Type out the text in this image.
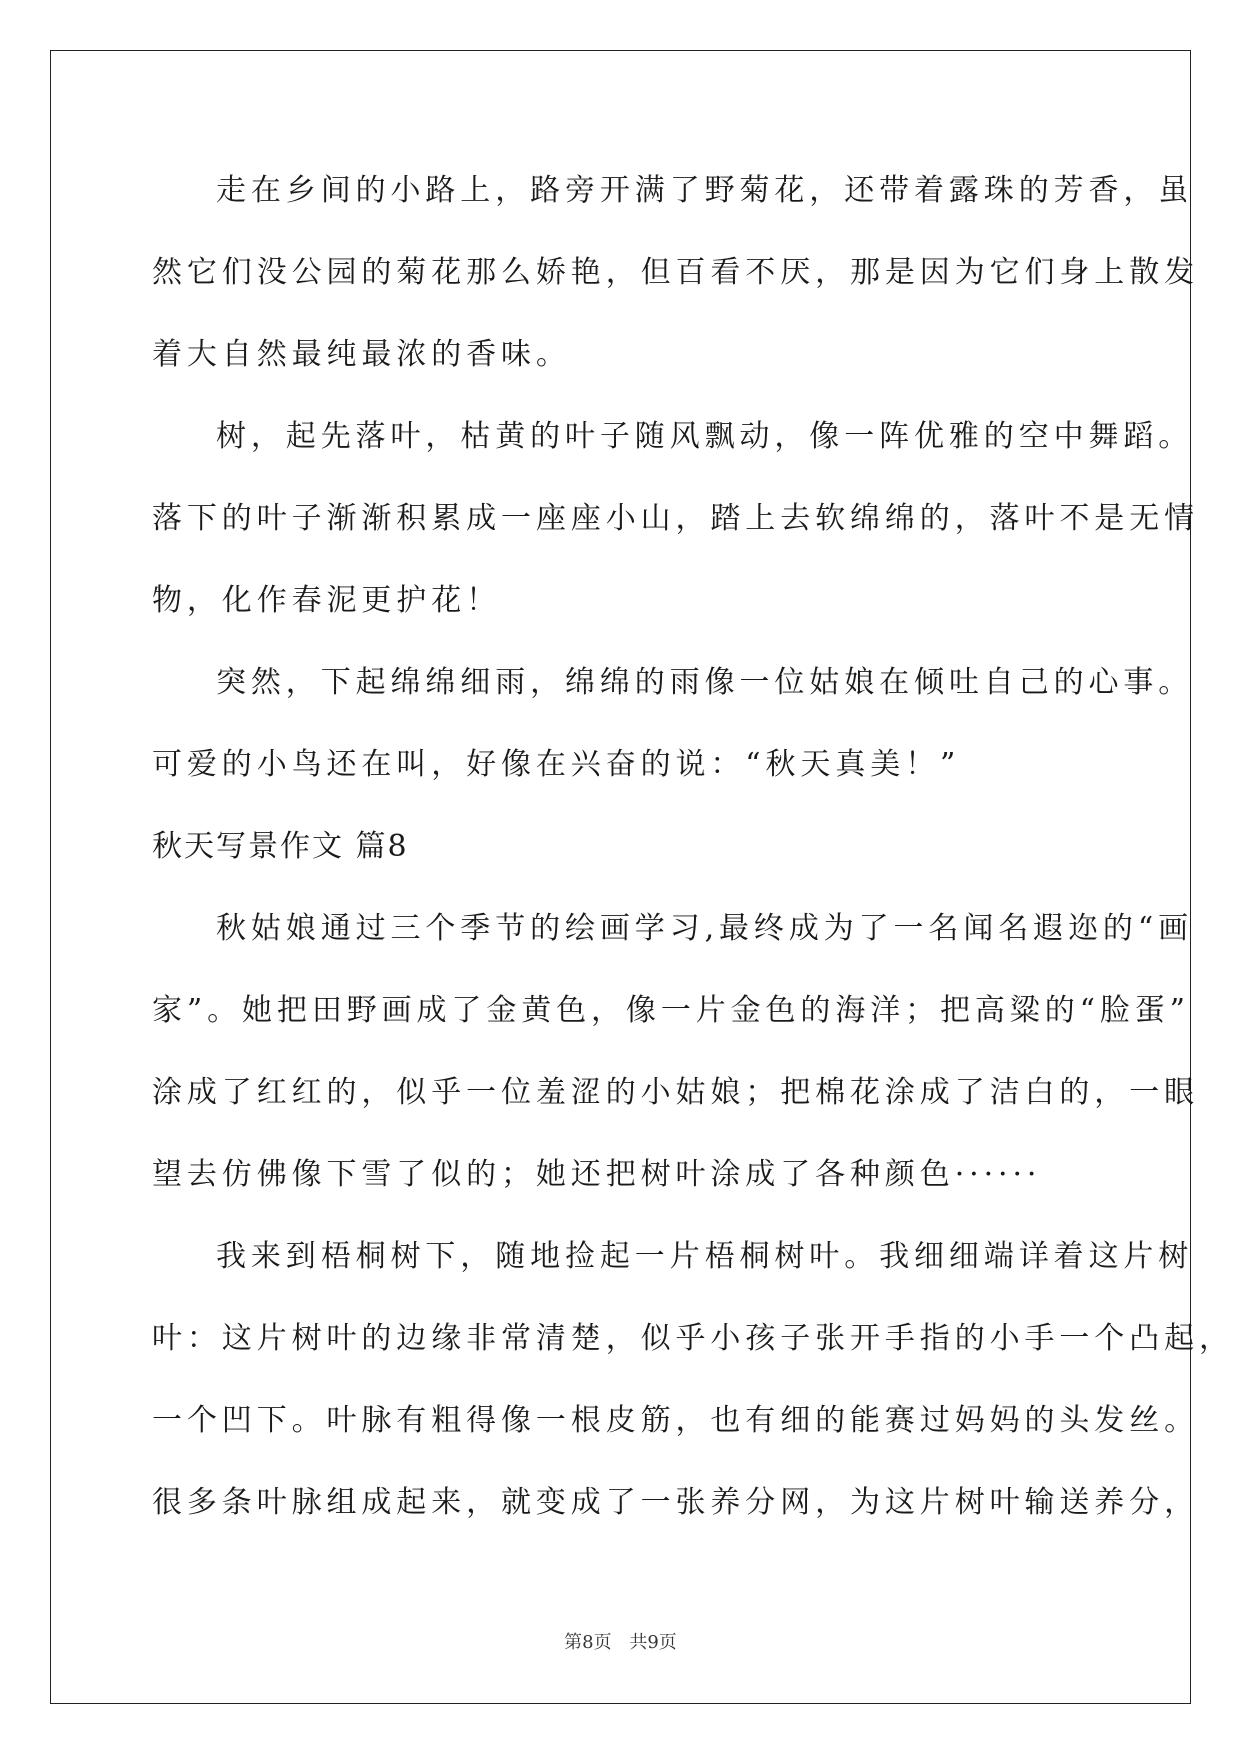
走在乡间的小路上，路旁开满了野菊花，还带着露珠的芳香，虽
然它们没公园的菊花那么娇艳，但百看不厌，那是因为它们身上散发
着大自然最纯最浓的香味。
树，起先落叶，枯黄的叶子随风飘动，像一阵优雅的空中舞蹈。
落下的叶子渐渐积累成一座座小山，踏上去软绵绵的，落叶不是无情
物，化作春泥更护花！
突然，下起绵绵细雨，绵绵的雨像一位姑娘在倾吐自己的心事。
可爱的小鸟还在叫，好像在兴奋的说：“秋天真美！”
秋天写景作文 篇8
秋姑娘通过三个季节的绘画学习,最终成为了一名闻名遐迩的“画
家”。她把田野画成了金黄色，像一片金色的海洋；把高粱的“脸蛋”
涂成了红红的，似乎一位羞涩的小姑娘；把棉花涂成了洁白的，一眼
望去仿佛像下雪了似的；她还把树叶涂成了各种颜色······
我来到梧桐树下，随地捡起一片梧桐树叶。我细细端详着这片树
叶：这片树叶的边缘非常清楚，似乎小孩子张开手指的小手一个凸起，
一个凹下。叶脉有粗得像一根皮筋，也有细的能赛过妈妈的头发丝。
很多条叶脉组成起来，就变成了一张养分网，为这片树叶输送养分，
第8页 共9页
